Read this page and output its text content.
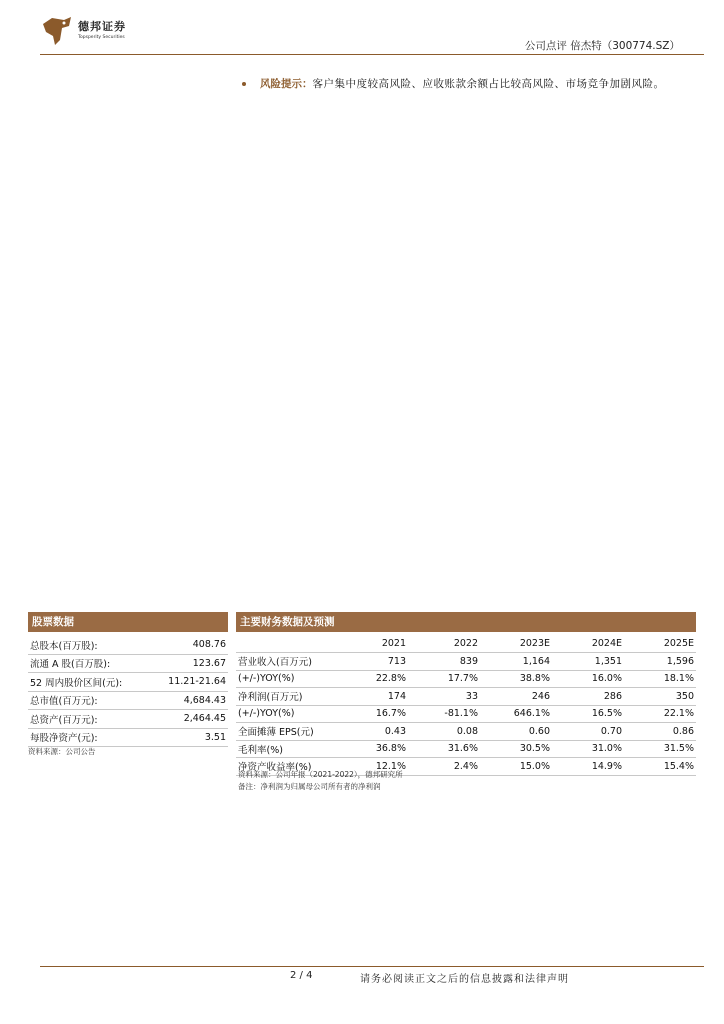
德邦证券
Topsperity Securities
公司点评 倍杰特（300774.SZ）
风险提示：客户集中度较高风险、应收账款余额占比较高风险、市场竞争加剧风险。
股票数据
总股本(百万股):	408.76
流通 A 股(百万股):	123.67
52 周内股价区间(元):	11.21-21.64
总市值(百万元):	4,684.43
总资产(百万元):	2,464.45
每股净资产(元):	3.51
资料来源：公司公告
主要财务数据及预测
	2021	2022	2023E	2024E	2025E
营业收入(百万元)	713	839	1,164	1,351	1,596
(+/-)YOY(%)	22.8%	17.7%	38.8%	16.0%	18.1%
净利润(百万元)	174	33	246	286	350
(+/-)YOY(%)	16.7%	-81.1%	646.1%	16.5%	22.1%
全面摊薄 EPS(元)	0.43	0.08	0.60	0.70	0.86
毛利率(%)	36.8%	31.6%	30.5%	31.0%	31.5%
净资产收益率(%)	12.1%	2.4%	15.0%	14.9%	15.4%
资料来源：公司年报（2021-2022），德邦研究所
备注：净利润为归属母公司所有者的净利润
2 / 4	请务必阅读正文之后的信息披露和法律声明
